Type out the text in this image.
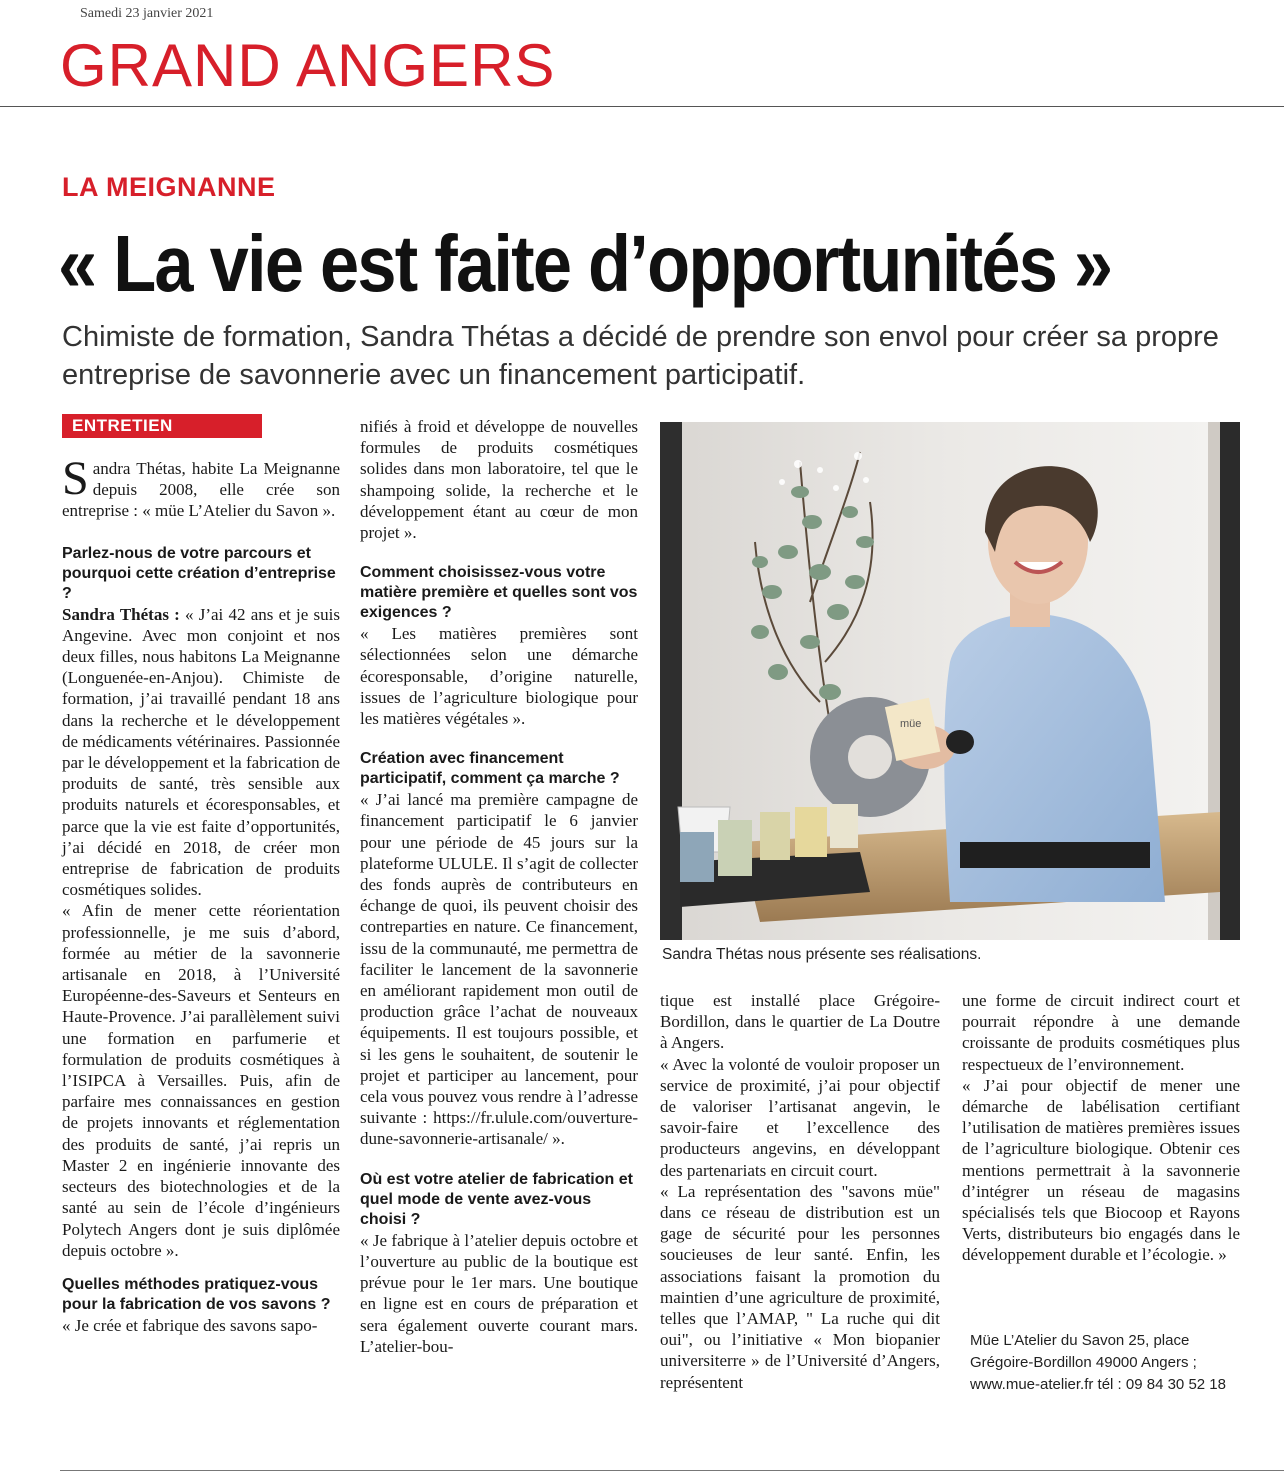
Samedi 23 janvier 2021
GRAND ANGERS
LA MEIGNANNE
« La vie est faite d’opportunités »
Chimiste de formation, Sandra Thétas a décidé de prendre son envol pour créer sa propre entreprise de savonnerie avec un financement participatif.
ENTRETIEN

Sandra Thétas, habite La Meignanne depuis 2008, elle crée son entreprise : « müe L’Atelier du Savon ».

Parlez-nous de votre parcours et pourquoi cette création d’entreprise ?

Sandra Thétas : « J’ai 42 ans et je suis Angevine. Avec mon conjoint et nos deux filles, nous habitons La Meignanne (Longuenée-en-Anjou). Chimiste de formation, j’ai travaillé pendant 18 ans dans la recherche et le développement de médicaments vétérinaires. Passionnée par le développement et la fabrication de produits de santé, très sensible aux produits naturels et écoresponsables, et parce que la vie est faite d’opportunités, j’ai décidé en 2018, de créer mon entreprise de fabrication de produits cosmétiques solides.

« Afin de mener cette réorientation professionnelle, je me suis d’abord, formée au métier de la savonnerie artisanale en 2018, à l’Université Européenne-des-Saveurs et Senteurs en Haute-Provence. J’ai parallèlement suivi une formation en parfumerie et formulation de produits cosmétiques à l’ISIPCA à Versailles. Puis, afin de parfaire mes connaissances en gestion de projets innovants et réglementation des produits de santé, j’ai repris un Master 2 en ingénierie innovante des secteurs des biotechnologies et de la santé au sein de l’école d’ingénieurs Polytech Angers dont je suis diplômée depuis octobre ».

Quelles méthodes pratiquez-vous pour la fabrication de vos savons ?

« Je crée et fabrique des savons sapo-

nifiés à froid et développe de nouvelles formules de produits cosmétiques solides dans mon laboratoire, tel que le shampoing solide, la recherche et le développement étant au cœur de mon projet ».

Comment choisissez-vous votre matière première et quelles sont vos exigences ?

« Les matières premières sont sélectionnées selon une démarche écoresponsable, d’origine naturelle, issues de l’agriculture biologique pour les matières végétales ».

Création avec financement participatif, comment ça marche ?

« J’ai lancé ma première campagne de financement participatif le 6 janvier pour une période de 45 jours sur la plateforme ULULE. Il s’agit de collecter des fonds auprès de contributeurs en échange de quoi, ils peuvent choisir des contreparties en nature. Ce financement, issu de la communauté, me permettra de faciliter le lancement de la savonnerie en améliorant rapidement mon outil de production grâce l’achat de nouveaux équipements. Il est toujours possible, et si les gens le souhaitent, de soutenir le projet et participer au lancement, pour cela vous pouvez vous rendre à l’adresse suivante : https://fr.ulule.com/ouverture-dune-savonnerie-artisanale/ ».

Où est votre atelier de fabrication et quel mode de vente avez-vous choisi ?

« Je fabrique à l’atelier depuis octobre et l’ouverture au public de la boutique est prévue pour le 1er mars. Une boutique en ligne est en cours de préparation et sera également ouverte courant mars. L’atelier-bou-

müe
Sandra Thétas nous présente ses réalisations.

tique est installé place Grégoire-Bordillon, dans le quartier de La Doutre à Angers.

« Avec la volonté de vouloir proposer un service de proximité, j’ai pour objectif de valoriser l’artisanat angevin, le savoir-faire et l’excellence des producteurs angevins, en développant des partenariats en circuit court.

« La représentation des "savons müe" dans ce réseau de distribution est un gage de sécurité pour les personnes soucieuses de leur santé. Enfin, les associations faisant la promotion du maintien d’une agriculture de proximité, telles que l’AMAP, " La ruche qui dit oui", ou l’initiative « Mon biopanier universiterre » de l’Université d’Angers, représentent

une forme de circuit indirect court et pourrait répondre à une demande croissante de produits cosmétiques plus respectueux de l’environnement.

« J’ai pour objectif de mener une démarche de labélisation certifiant l’utilisation de matières premières issues de l’agriculture biologique. Obtenir ces mentions permettrait à la savonnerie d’intégrer un réseau de magasins spécialisés tels que Biocoop et Rayons Verts, distributeurs bio engagés dans le développement durable et l’écologie. »

Müe L’Atelier du Savon 25, place Grégoire-Bordillon 49000 Angers ; www.mue-atelier.fr tél : 09 84 30 52 18
